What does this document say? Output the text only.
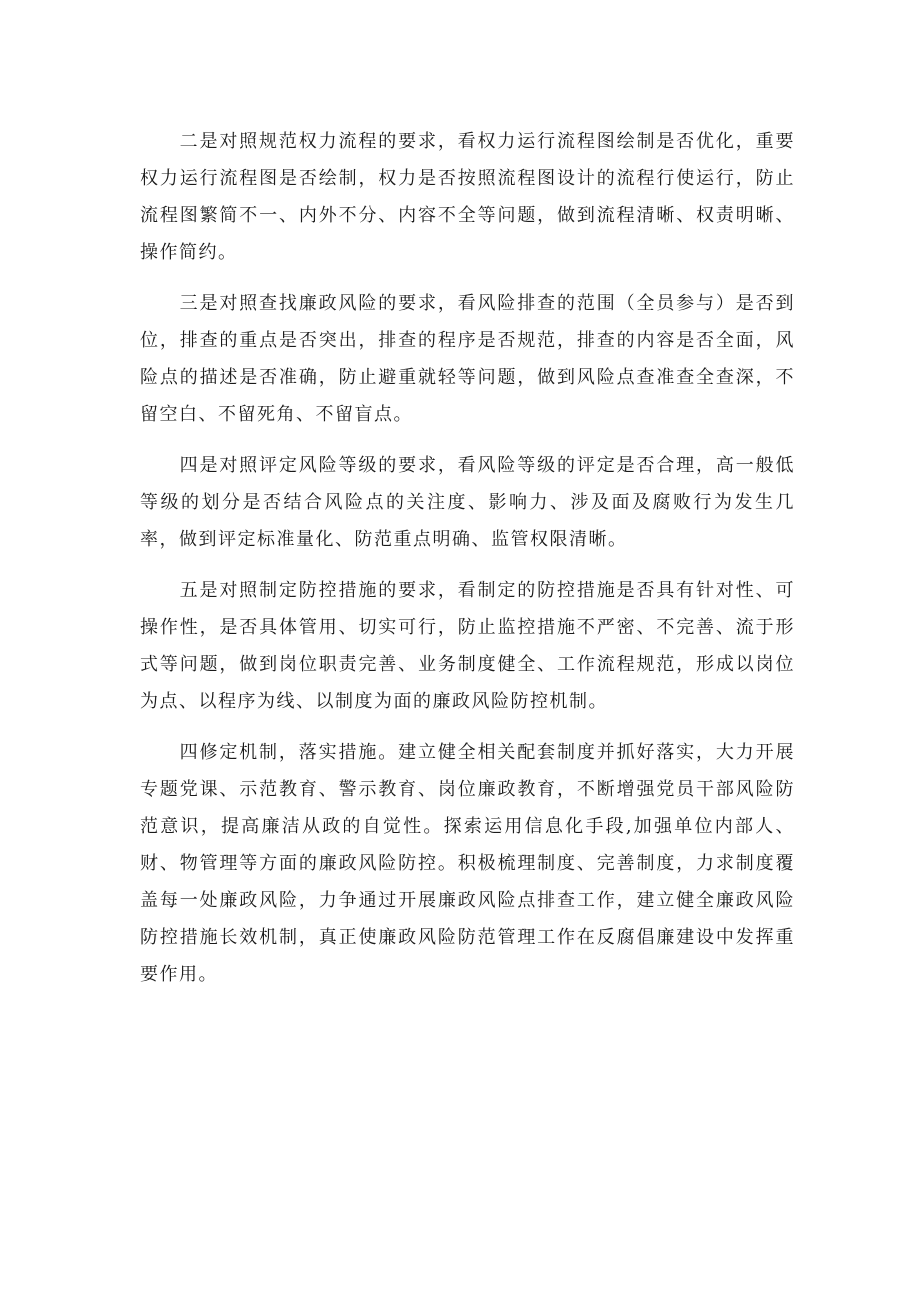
二是对照规范权力流程的要求，看权力运行流程图绘制是否优化，重要权力运行流程图是否绘制，权力是否按照流程图设计的流程行使运行，防止流程图繁简不一、内外不分、内容不全等问题，做到流程清晰、权责明晰、操作简约。

三是对照查找廉政风险的要求，看风险排查的范围（全员参与）是否到位，排查的重点是否突出，排查的程序是否规范，排查的内容是否全面，风险点的描述是否准确，防止避重就轻等问题，做到风险点查准查全查深，不留空白、不留死角、不留盲点。

四是对照评定风险等级的要求，看风险等级的评定是否合理，高一般低等级的划分是否结合风险点的关注度、影响力、涉及面及腐败行为发生几率，做到评定标准量化、防范重点明确、监管权限清晰。

五是对照制定防控措施的要求，看制定的防控措施是否具有针对性、可操作性，是否具体管用、切实可行，防止监控措施不严密、不完善、流于形式等问题，做到岗位职责完善、业务制度健全、工作流程规范，形成以岗位为点、以程序为线、以制度为面的廉政风险防控机制。

四修定机制，落实措施。建立健全相关配套制度并抓好落实，大力开展专题党课、示范教育、警示教育、岗位廉政教育，不断增强党员干部风险防范意识，提高廉洁从政的自觉性。探索运用信息化手段,加强单位内部人、财、物管理等方面的廉政风险防控。积极梳理制度、完善制度，力求制度覆盖每一处廉政风险，力争通过开展廉政风险点排查工作，建立健全廉政风险防控措施长效机制，真正使廉政风险防范管理工作在反腐倡廉建设中发挥重要作用。
